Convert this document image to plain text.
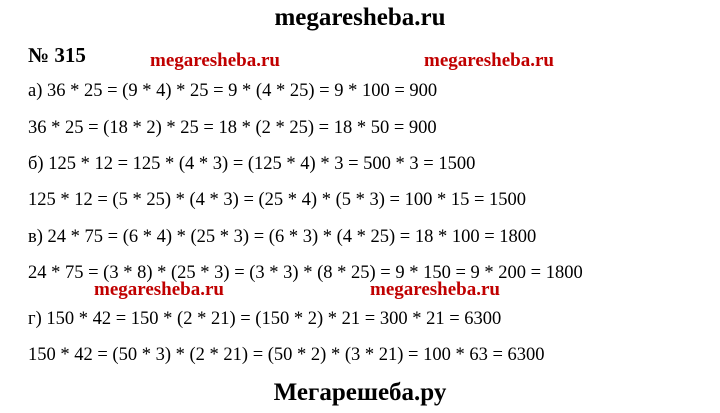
megaresheba.ru
№ 315
а) 36 * 25 = (9 * 4) * 25 = 9 * (4 * 25) = 9 * 100 = 900
36 * 25 = (18 * 2) * 25 = 18 * (2 * 25) = 18 * 50 = 900
б) 125 * 12 = 125 * (4 * 3) = (125 * 4) * 3 = 500 * 3 = 1500
125 * 12 = (5 * 25) * (4 * 3) = (25 * 4) * (5 * 3) = 100 * 15 = 1500
в) 24 * 75 = (6 * 4) * (25 * 3) = (6 * 3) * (4 * 25) = 18 * 100 = 1800
24 * 75 = (3 * 8) * (25 * 3) = (3 * 3) * (8 * 25) = 9 * 150 = 9 * 200 = 1800
г) 150 * 42 = 150 * (2 * 21) = (150 * 2) * 21 = 300 * 21 = 6300
150 * 42 = (50 * 3) * (2 * 21) = (50 * 2) * (3 * 21) = 100 * 63 = 6300
megaresheba.ru	megaresheba.ru
megaresheba.ru	megaresheba.ru
Мегарешеба.ру
